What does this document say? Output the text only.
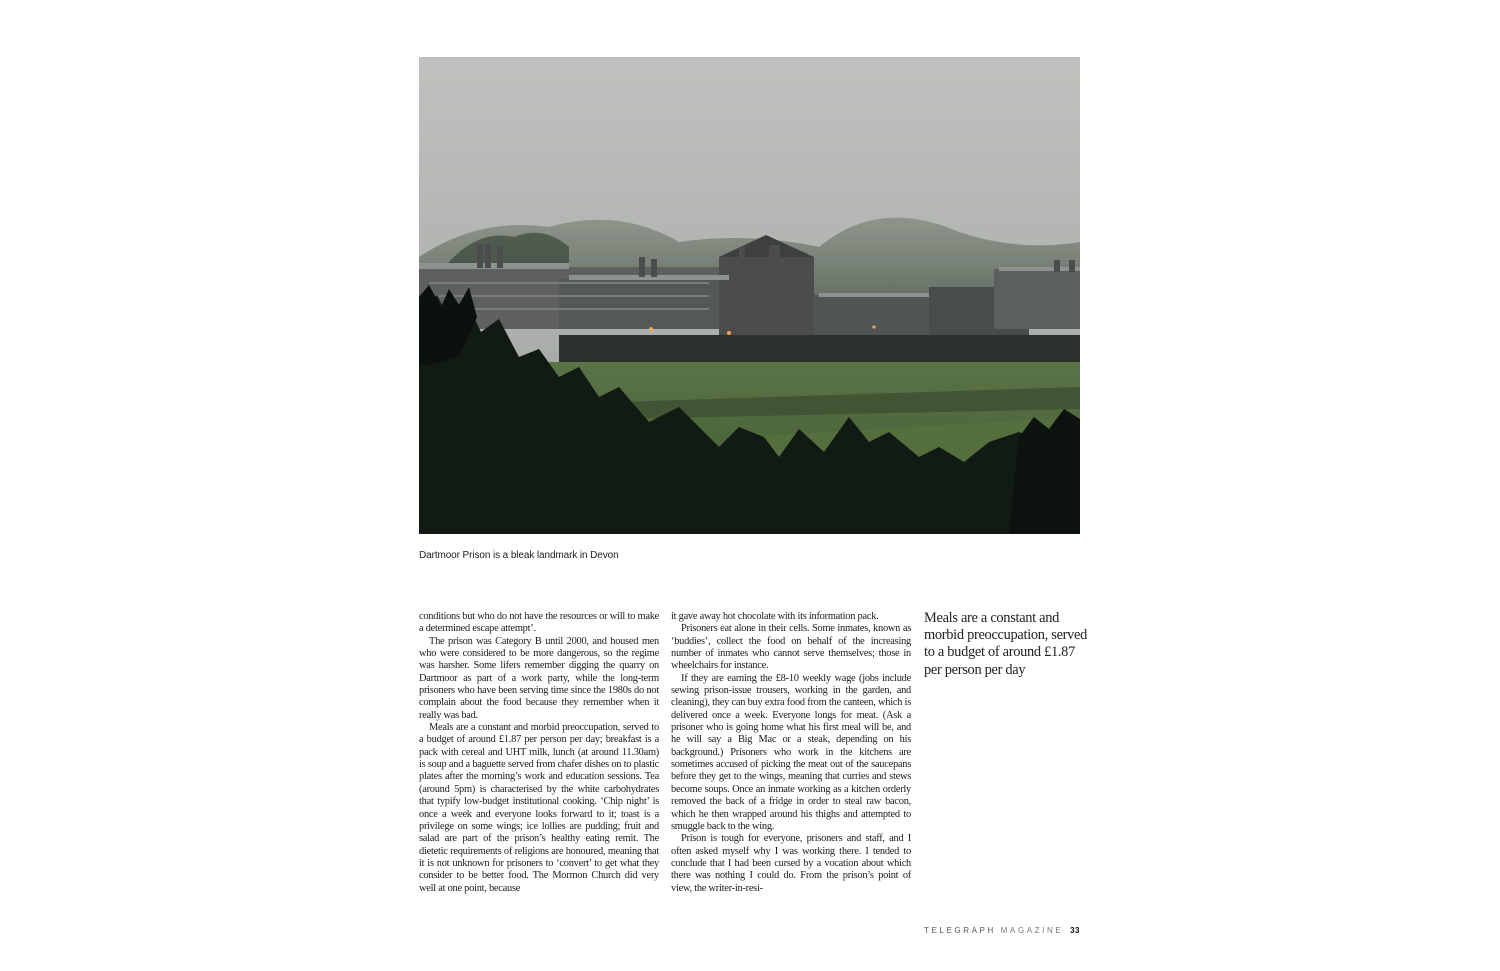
Dartmoor Prison is a bleak landmark in Devon

conditions but who do not have the resources or will to make a determined escape attempt’.

The prison was Category B until 2000, and housed men who were considered to be more dangerous, so the regime was harsher. Some lifers remember digging the quarry on Dartmoor as part of a work party, while the long-term prisoners who have been serving time since the 1980s do not complain about the food because they remember when it really was bad.

Meals are a constant and morbid preoccupation, served to a budget of around £1.87 per person per day; breakfast is a pack with cereal and UHT milk, lunch (at around 11.30am) is soup and a baguette served from chafer dishes on to plastic plates after the morning’s work and education sessions. Tea (around 5pm) is characterised by the white carbohydrates that typify low-budget institutional cooking. ‘Chip night’ is once a week and everyone looks forward to it; toast is a privilege on some wings; ice lollies are pudding; fruit and salad are part of the prison’s healthy eating remit. The dietetic requirements of religions are honoured, meaning that it is not unknown for prisoners to ‘convert’ to get what they consider to be better food. The Mormon Church did very well at one point, because

it gave away hot chocolate with its information pack.

Prisoners eat alone in their cells. Some inmates, known as ‘buddies’, collect the food on behalf of the increasing number of inmates who cannot serve themselves; those in wheelchairs for instance.

If they are earning the £8-10 weekly wage (jobs include sewing prison-issue trousers, working in the garden, and cleaning), they can buy extra food from the canteen, which is delivered once a week. Everyone longs for meat. (Ask a prisoner who is going home what his first meal will be, and he will say a Big Mac or a steak, depending on his background.) Prisoners who work in the kitchens are sometimes accused of picking the meat out of the saucepans before they get to the wings, meaning that curries and stews become soups. Once an inmate working as a kitchen orderly removed the back of a fridge in order to steal raw bacon, which he then wrapped around his thighs and attempted to smuggle back to the wing.

Prison is tough for everyone, prisoners and staff, and I often asked myself why I was working there. I tended to conclude that I had been cursed by a vocation about which there was nothing I could do. From the prison’s point of view, the writer-in-resi-

Meals are a constant and morbid preoccupation, served to a budget of around £1.87 per person per day
TELEGRAPH MAGAZINE 33
